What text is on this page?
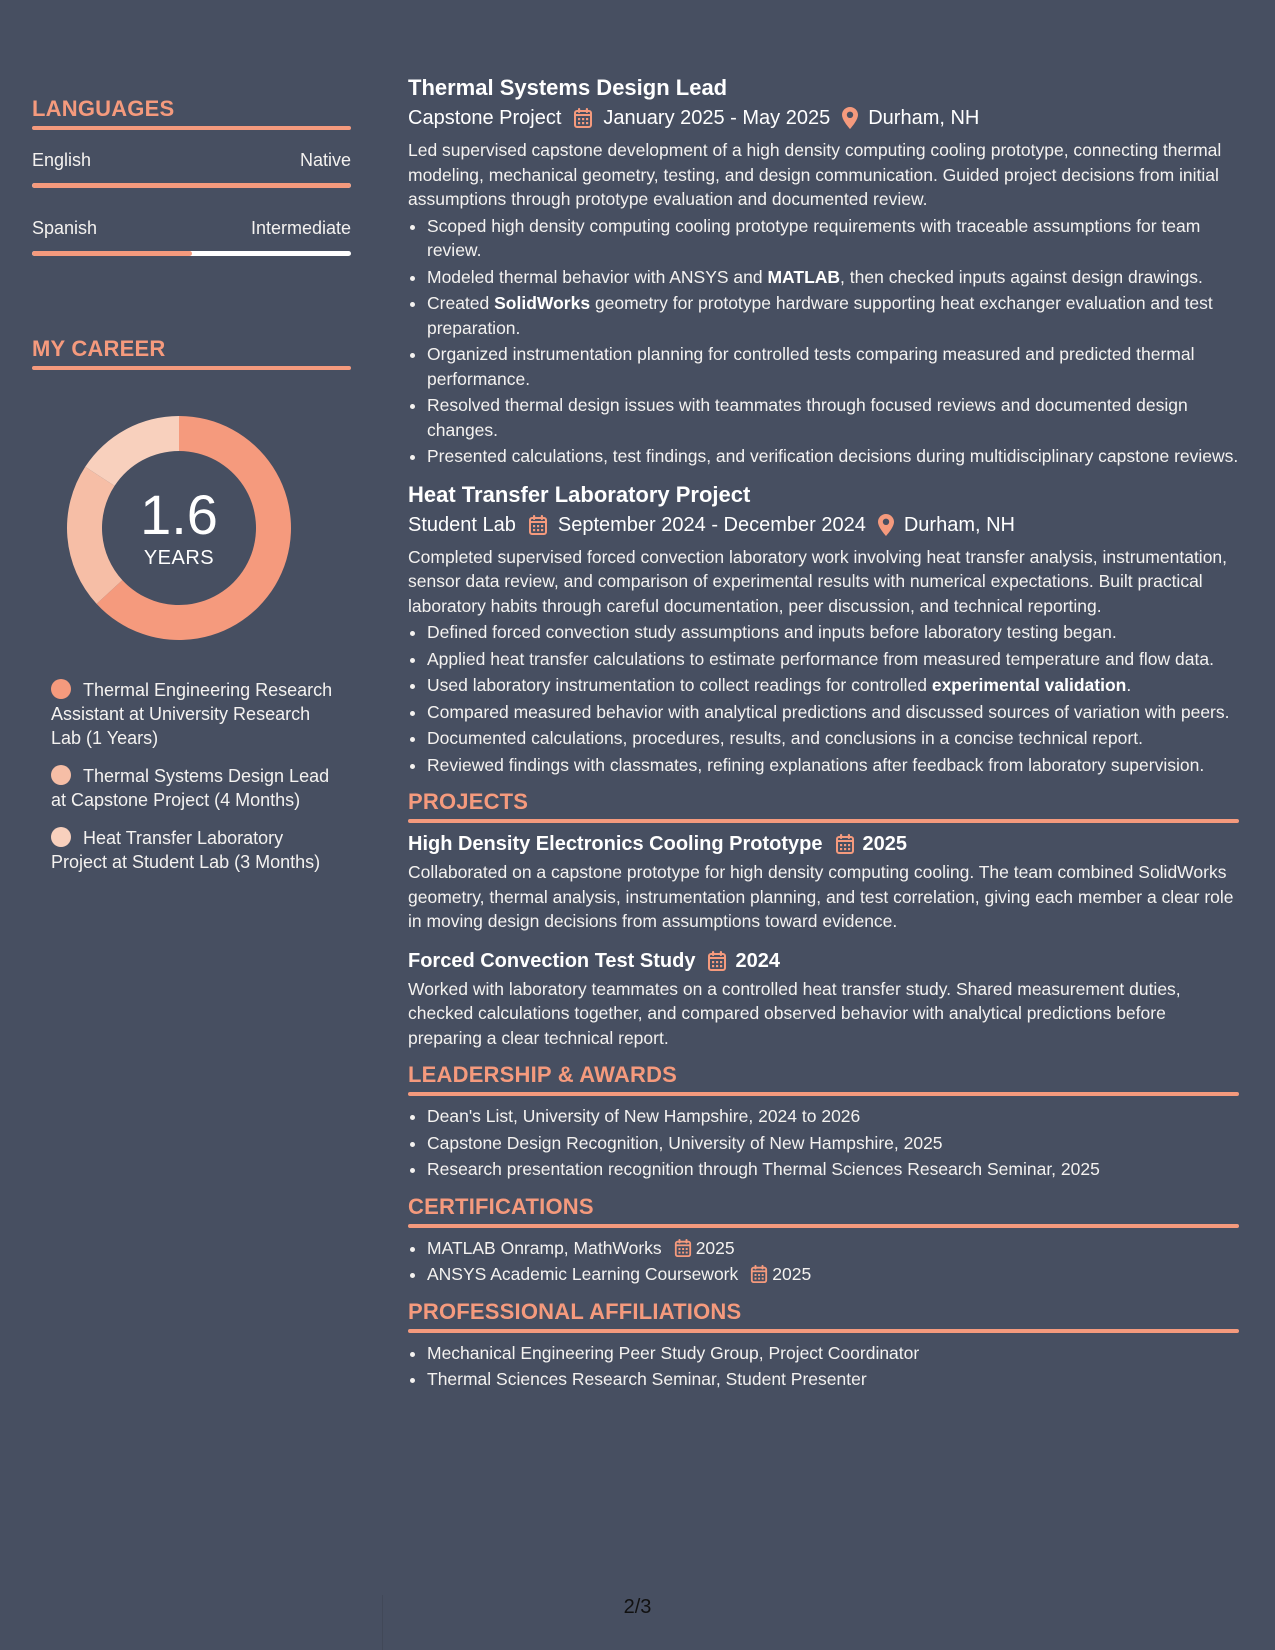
LANGUAGES
English	Native
Spanish	Intermediate
MY CAREER
1.6
YEARS
Thermal Engineering Research Assistant at University Research Lab (1 Years)
Thermal Systems Design Lead at Capstone Project (4 Months)
Heat Transfer Laboratory Project at Student Lab (3 Months)
Thermal Systems Design Lead
Capstone Project January 2025 - May 2025 Durham, NH
Led supervised capstone development of a high density computing cooling prototype, connecting thermal modeling, mechanical geometry, testing, and design communication. Guided project decisions from initial assumptions through prototype evaluation and documented review.
• Scoped high density computing cooling prototype requirements with traceable assumptions for team review.
• Modeled thermal behavior with ANSYS and MATLAB, then checked inputs against design drawings.
• Created SolidWorks geometry for prototype hardware supporting heat exchanger evaluation and test preparation.
• Organized instrumentation planning for controlled tests comparing measured and predicted thermal performance.
• Resolved thermal design issues with teammates through focused reviews and documented design changes.
• Presented calculations, test findings, and verification decisions during multidisciplinary capstone reviews.
Heat Transfer Laboratory Project
Student Lab September 2024 - December 2024 Durham, NH
Completed supervised forced convection laboratory work involving heat transfer analysis, instrumentation, sensor data review, and comparison of experimental results with numerical expectations. Built practical laboratory habits through careful documentation, peer discussion, and technical reporting.
• Defined forced convection study assumptions and inputs before laboratory testing began.
• Applied heat transfer calculations to estimate performance from measured temperature and flow data.
• Used laboratory instrumentation to collect readings for controlled experimental validation.
• Compared measured behavior with analytical predictions and discussed sources of variation with peers.
• Documented calculations, procedures, results, and conclusions in a concise technical report.
• Reviewed findings with classmates, refining explanations after feedback from laboratory supervision.
PROJECTS
High Density Electronics Cooling Prototype 2025
Collaborated on a capstone prototype for high density computing cooling. The team combined SolidWorks geometry, thermal analysis, instrumentation planning, and test correlation, giving each member a clear role in moving design decisions from assumptions toward evidence.
Forced Convection Test Study 2024
Worked with laboratory teammates on a controlled heat transfer study. Shared measurement duties, checked calculations together, and compared observed behavior with analytical predictions before preparing a clear technical report.
LEADERSHIP & AWARDS
• Dean's List, University of New Hampshire, 2024 to 2026
• Capstone Design Recognition, University of New Hampshire, 2025
• Research presentation recognition through Thermal Sciences Research Seminar, 2025
CERTIFICATIONS
• MATLAB Onramp, MathWorks 2025
• ANSYS Academic Learning Coursework 2025
PROFESSIONAL AFFILIATIONS
• Mechanical Engineering Peer Study Group, Project Coordinator
• Thermal Sciences Research Seminar, Student Presenter
2/3
